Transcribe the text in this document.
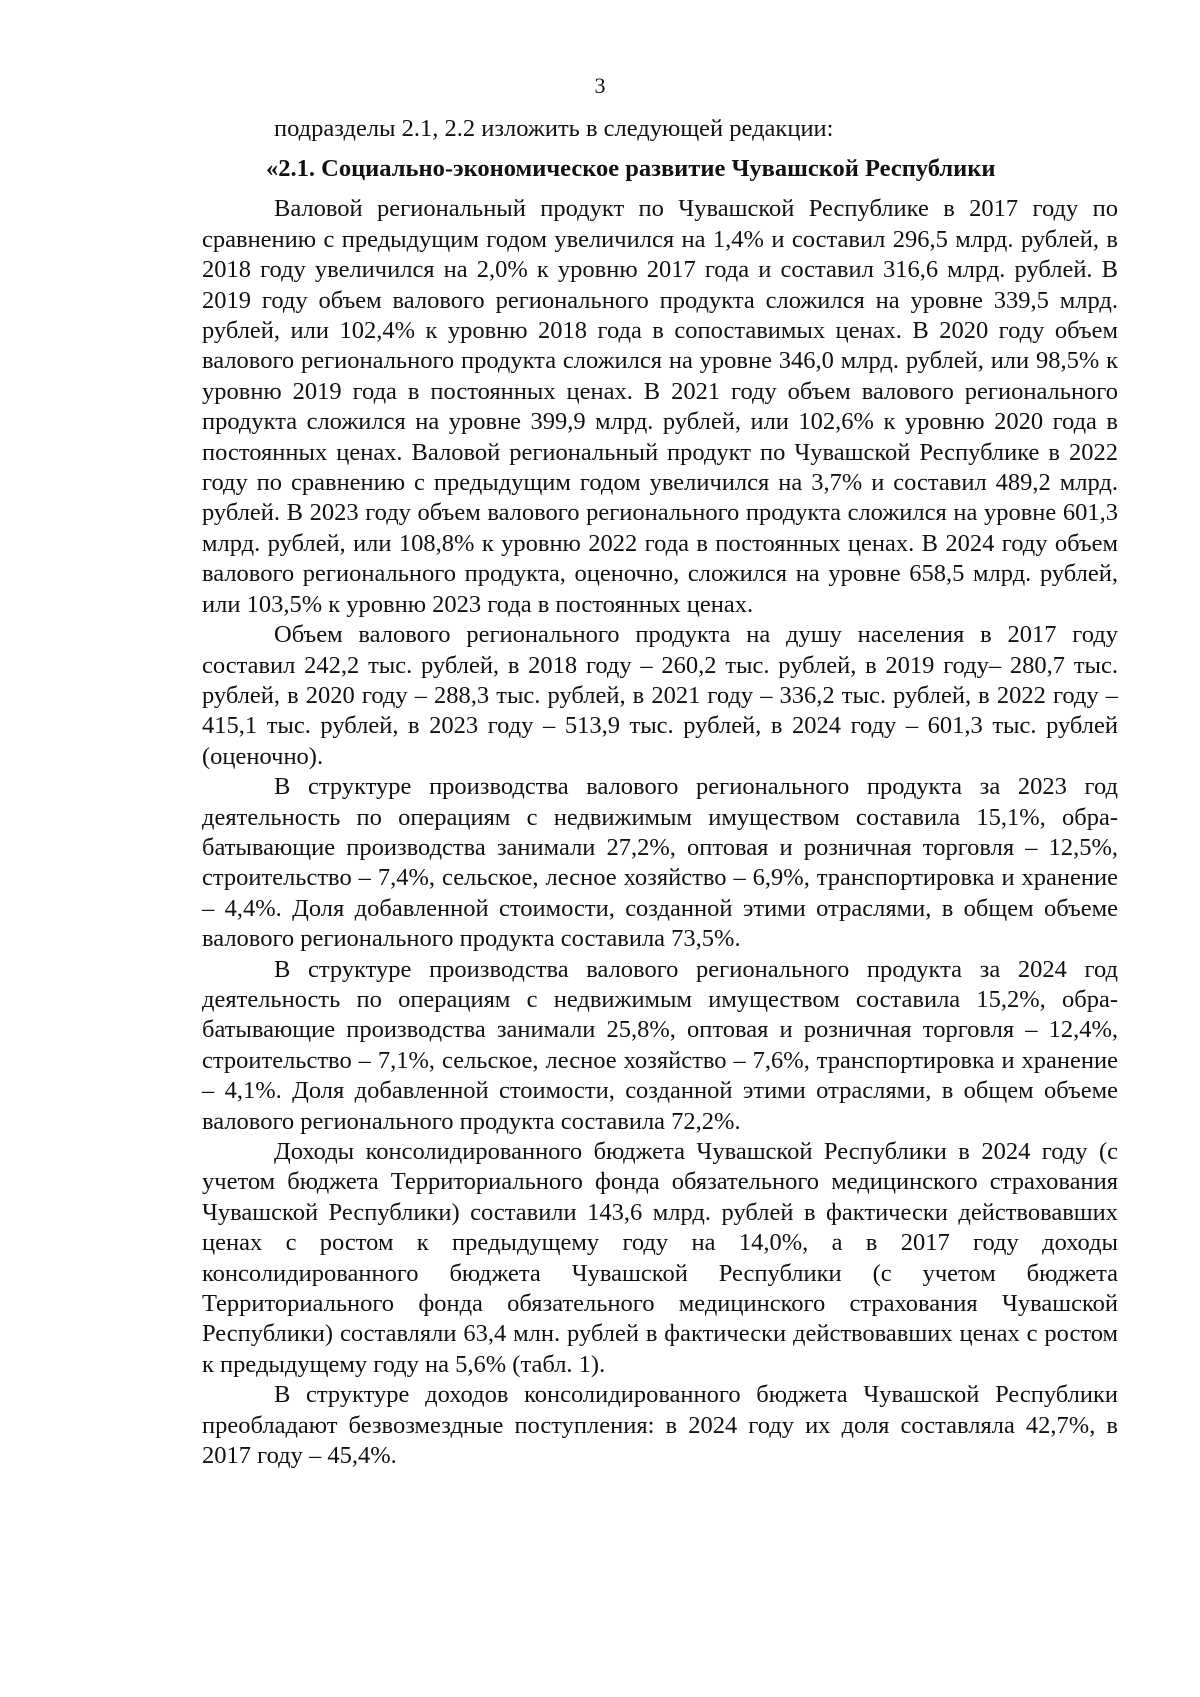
3

подразделы 2.1, 2.2 изложить в следующей редакции:

«2.1. Социально-экономическое развитие Чувашской Республики

Валовой региональный продукт по Чувашской Республике в 2017 году по сравнению с предыдущим годом увеличился на 1,4% и составил 296,5 млрд. рублей, в 2018 году увеличился на 2,0% к уровню 2017 года и составил 316,6 млрд. рублей. В 2019 году объем валового регионального продукта сложился на уровне 339,5 млрд. рублей, или 102,4% к уровню 2018 года в сопоставимых ценах. В 2020 году объем валового регионального продукта сложился на уровне 346,0 млрд. рублей, или 98,5% к уровню 2019 года в постоянных ценах. В 2021 году объем валового регионального продукта сложился на уровне 399,9 млрд. рублей, или 102,6% к уровню 2020 года в постоянных ценах. Валовой региональный продукт по Чувашской Республике в 2022 году по сравнению с предыдущим годом увеличился на 3,7% и составил 489,2 млрд. рублей. В 2023 году объем валового регионального продукта сложился на уровне 601,3 млрд. рублей, или 108,8% к уровню 2022 года в постоянных ценах. В 2024 году объем валового регионального продукта, оценочно, сложился на уровне 658,5 млрд. рублей, или 103,5% к уровню 2023 года в постоянных ценах.

Объем валового регионального продукта на душу населения в 2017 году составил 242,2 тыс. рублей, в 2018 году – 260,2 тыс. рублей, в 2019 году– 280,7 тыс. рублей, в 2020 году – 288,3 тыс. рублей, в 2021 году – 336,2 тыс. рублей, в 2022 году – 415,1 тыс. рублей, в 2023 году – 513,9 тыс. рублей, в 2024 году – 601,3 тыс. рублей (оценочно).

В структуре производства валового регионального продукта за 2023 год деятельность по операциям с недвижимым имуществом составила 15,1%, обрабатывающие производства занимали 27,2%, оптовая и розничная торговля – 12,5%, строительство – 7,4%, сельское, лесное хозяйство – 6,9%, транспортировка и хранение – 4,4%. Доля добавленной стоимости, созданной этими отраслями, в общем объеме валового регионального продукта составила 73,5%.

В структуре производства валового регионального продукта за 2024 год деятельность по операциям с недвижимым имуществом составила 15,2%, обрабатывающие производства занимали 25,8%, оптовая и розничная торговля – 12,4%, строительство – 7,1%, сельское, лесное хозяйство – 7,6%, транспортировка и хранение – 4,1%. Доля добавленной стоимости, созданной этими отраслями, в общем объеме валового регионального продукта составила 72,2%.

Доходы консолидированного бюджета Чувашской Республики в 2024 году (с учетом бюджета Территориального фонда обязательного медицинского страхования Чувашской Республики) составили 143,6 млрд. рублей в фактически действовавших ценах с ростом к предыдущему году на 14,0%, а в 2017 году доходы консолидированного бюджета Чувашской Республики (с учетом бюджета Территориального фонда обязательного медицинского страхования Чувашской Республики) составляли 63,4 млн. рублей в фактически действовавших ценах с ростом к предыдущему году на 5,6% (табл. 1).

В структуре доходов консолидированного бюджета Чувашской Республики преобладают безвозмездные поступления: в 2024 году их доля составляла 42,7%, в 2017 году – 45,4%.
